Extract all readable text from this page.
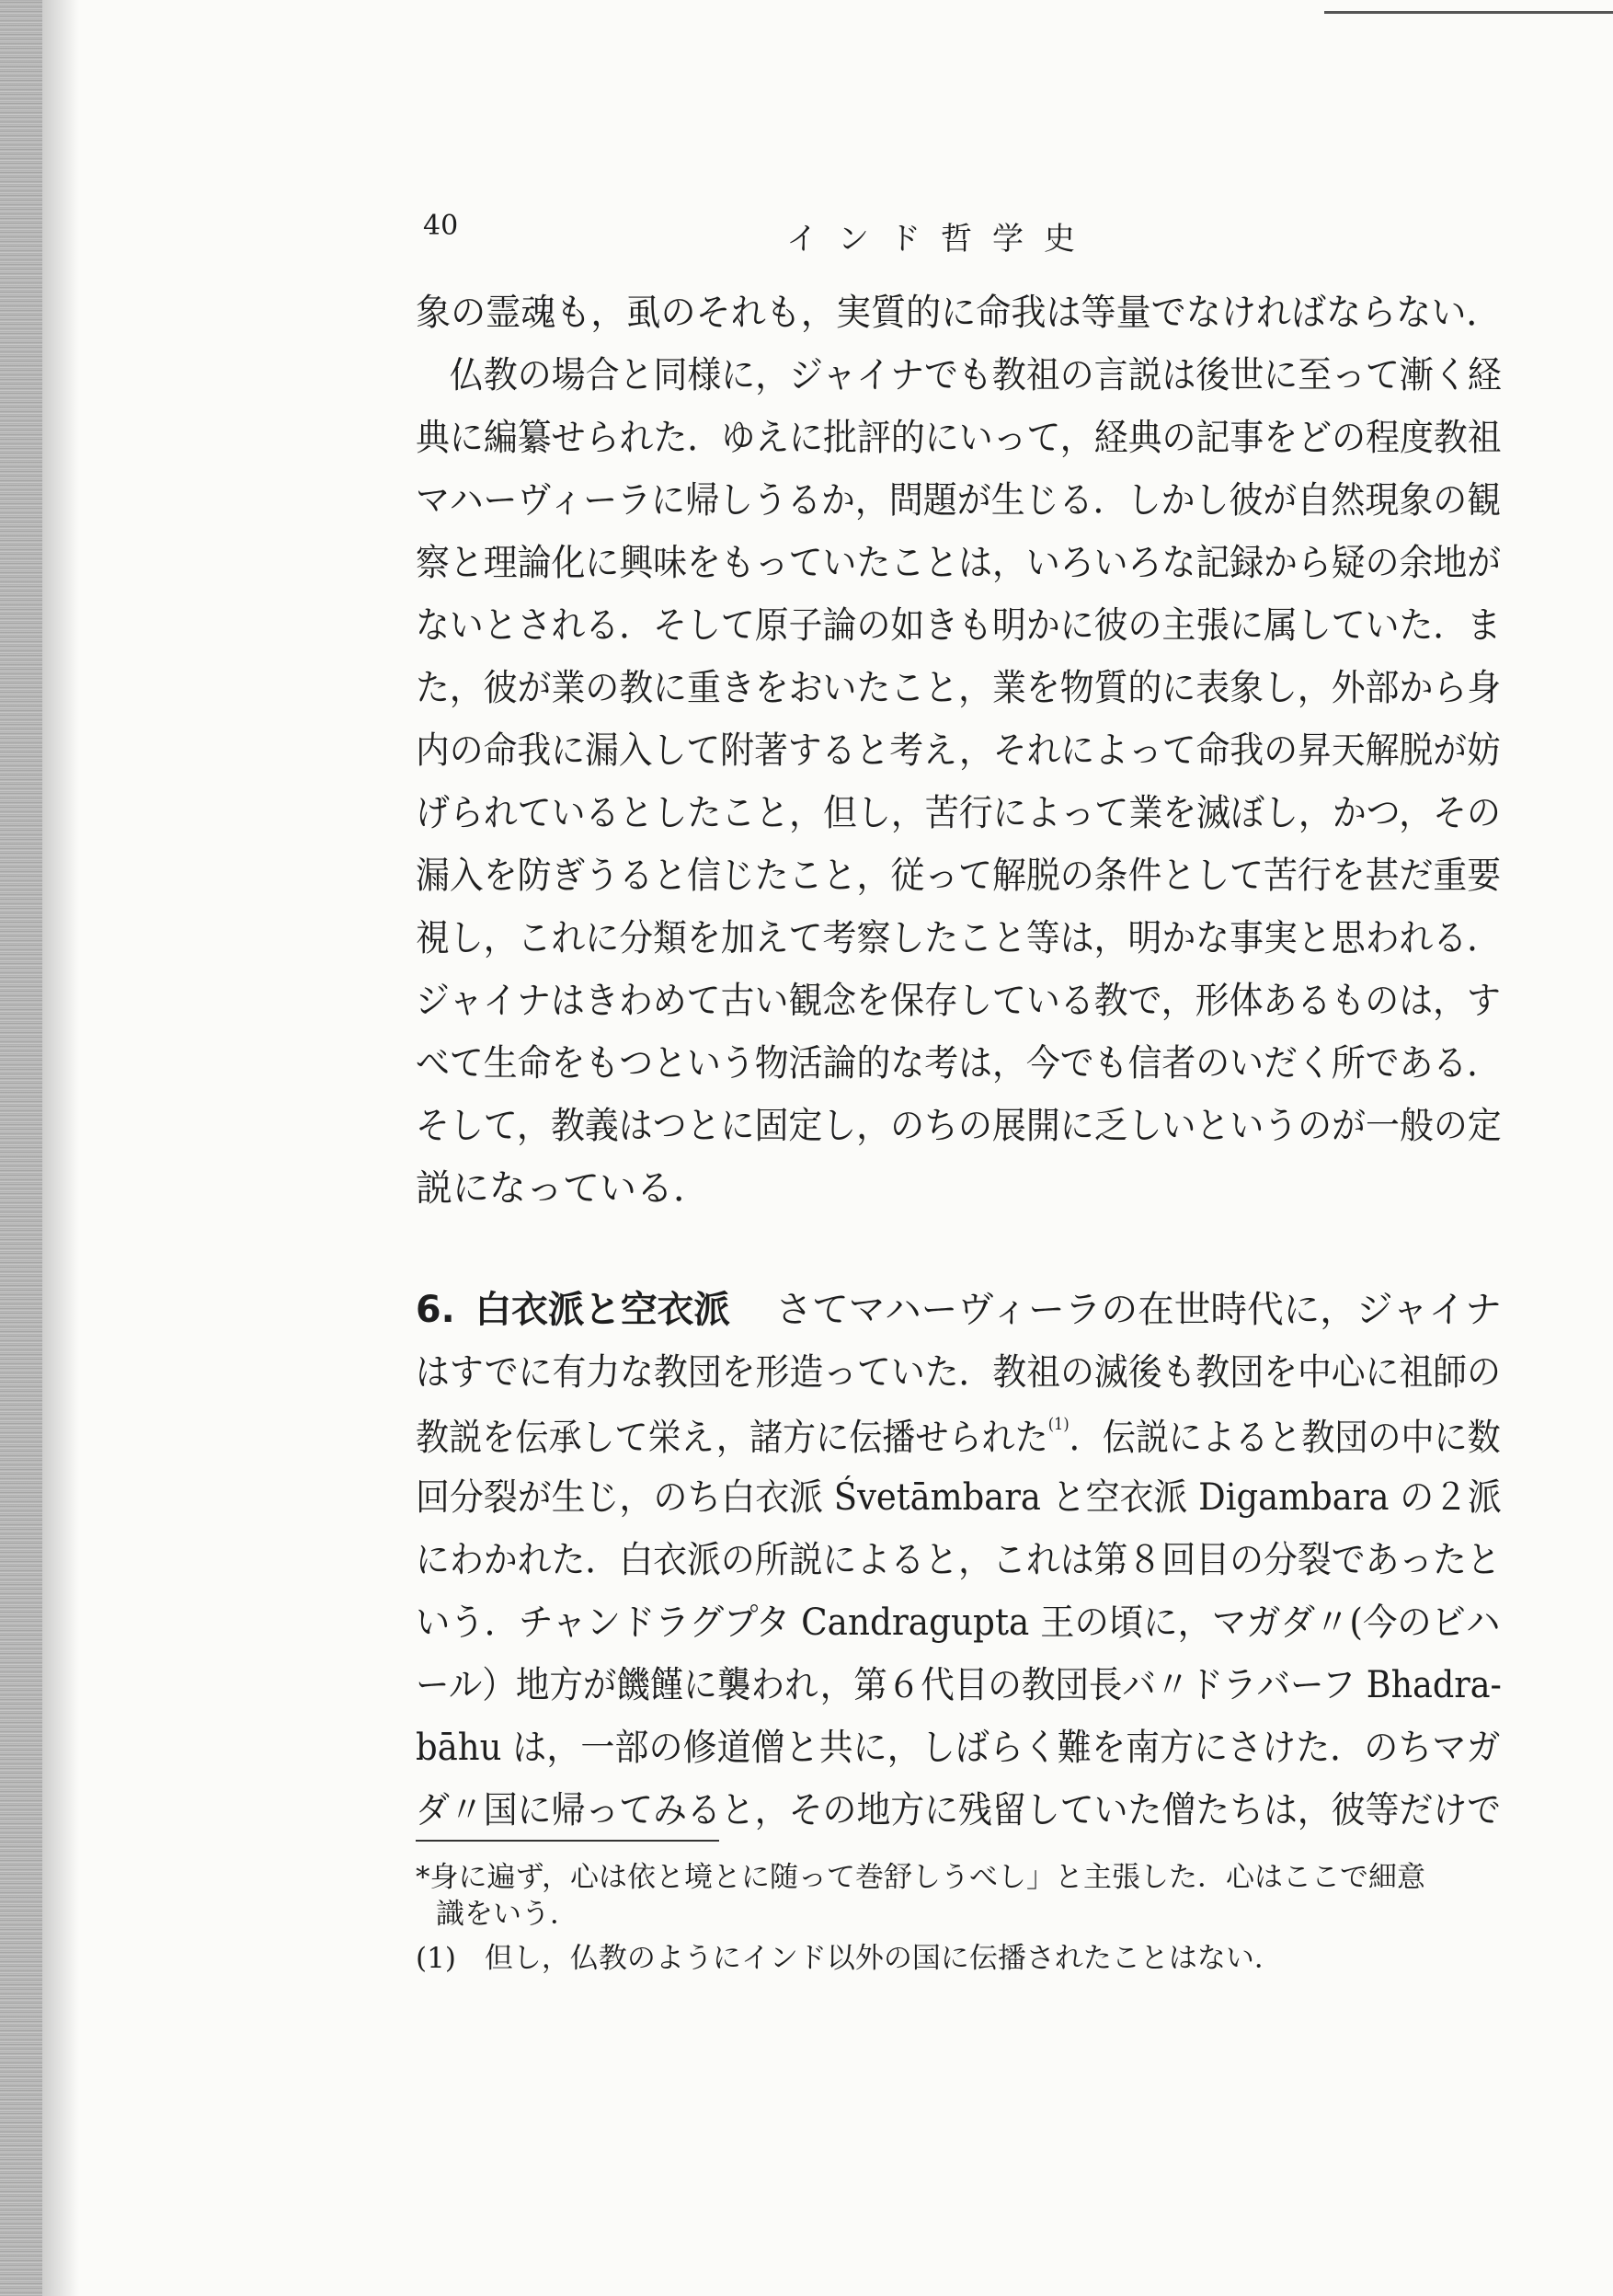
40	インド哲学史
象の霊魂も，虱のそれも，実質的に命我は等量でなければならない．
　仏教の場合と同様に，ジャイナでも教祖の言説は後世に至って漸く経
典に編纂せられた．ゆえに批評的にいって，経典の記事をどの程度教祖
マハーヴィーラに帰しうるか，問題が生じる．しかし彼が自然現象の観
察と理論化に興味をもっていたことは，いろいろな記録から疑の余地が
ないとされる．そして原子論の如きも明かに彼の主張に属していた．ま
た，彼が業の教に重きをおいたこと，業を物質的に表象し，外部から身
内の命我に漏入して附著すると考え，それによって命我の昇天解脱が妨
げられているとしたこと，但し，苦行によって業を滅ぼし，かつ，その
漏入を防ぎうると信じたこと，従って解脱の条件として苦行を甚だ重要
視し，これに分類を加えて考察したこと等は，明かな事実と思われる．
ジャイナはきわめて古い観念を保存している教で，形体あるものは，す
べて生命をもつという物活論的な考は，今でも信者のいだく所である．
そして，教義はつとに固定し，のちの展開に乏しいというのが一般の定
説になっている．
6. 白衣派と空衣派 さてマハーヴィーラの在世時代に，ジャイナ
はすでに有力な教団を形造っていた．教祖の滅後も教団を中心に祖師の
教説を伝承して栄え，諸方に伝播せられた$^{(1)}$．伝説によると教団の中に数
回分裂が生じ，のち白衣派 Śvetāmbara と空衣派 Digambara の２派
にわかれた．白衣派の所説によると，これは第８回目の分裂であったと
いう．チャンドラグプタ Candragupta 王の頃に，マガダ〃(今のビハ
ール）地方が饑饉に襲われ，第６代目の教団長バ〃ドラバーフ Bhadra-
bāhu は，一部の修道僧と共に，しばらく難を南方にさけた．のちマガ
ダ〃国に帰ってみると，その地方に残留していた僧たちは，彼等だけで
*身に遍ず，心は依と境とに随って巻舒しうべし」と主張した．心はここで細意
識をいう．
(1)　但し，仏教のようにインド以外の国に伝播されたことはない．
